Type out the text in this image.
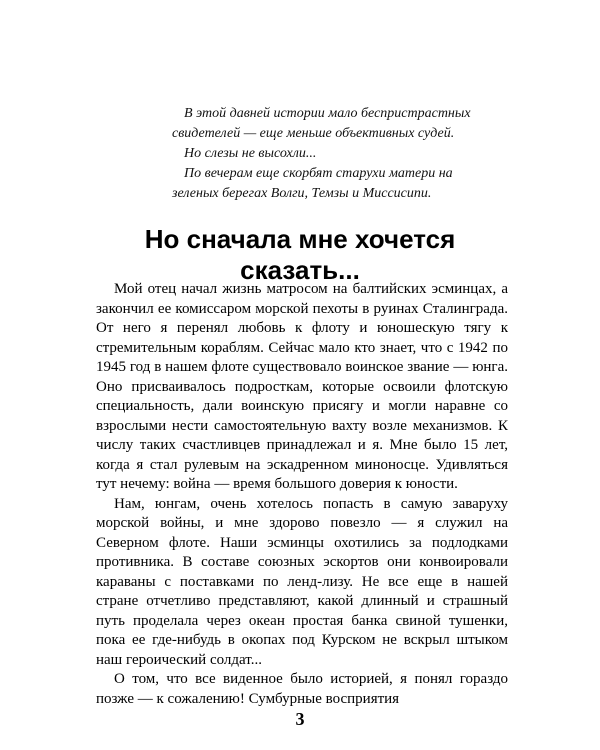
В этой давней истории мало беспристрастных свидетелей — еще меньше объективных судей.

Но слезы не высохли...

По вечерам еще скорбят старухи матери на зеленых берегах Волги, Темзы и Миссисипи.

Но сначала мне хочется
сказать...

Мой отец начал жизнь матросом на балтийских эсминцах, а закончил ее комиссаром морской пехоты в руинах Сталинграда. От него я перенял любовь к флоту и юношескую тягу к стремительным кораблям. Сейчас мало кто знает, что с 1942 по 1945 год в нашем флоте существовало воинское звание — юнга. Оно присваивалось подросткам, которые освоили флотскую специальность, дали воинскую присягу и могли наравне со взрослыми нести самостоятельную вахту возле механизмов. К числу таких счастливцев принадлежал и я. Мне было 15 лет, когда я стал рулевым на эскадренном миноносце. Удивляться тут нечему: война — время большого доверия к юности.

Нам, юнгам, очень хотелось попасть в самую заваруху морской войны, и мне здорово повезло — я служил на Северном флоте. Наши эсминцы охотились за подлодками противника. В составе союзных эскортов они конвоировали караваны с поставками по ленд-лизу. Не все еще в нашей стране отчетливо представляют, какой длинный и страшный путь проделала через океан простая банка свиной тушенки, пока ее где-нибудь в окопах под Курском не вскрыл штыком наш героический солдат...

О том, что все виденное было историей, я понял гораздо позже — к сожалению! Сумбурные восприятия

3
